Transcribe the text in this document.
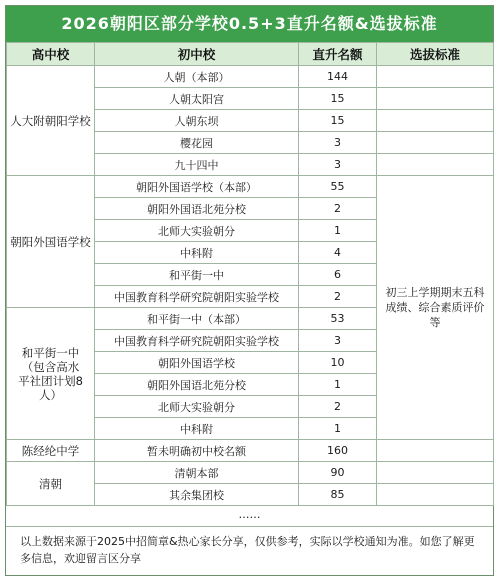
2026朝阳区部分学校0.5+3直升名额&选拔标准
高中校	初中校	直升名额	选拔标准
人大附朝阳学校	人朝（本部）	144	
	人朝太阳宫	15	
	人朝东坝	15	
	樱花园	3	
	九十四中	3	
朝阳外国语学校	朝阳外国语学校（本部）	55	初三上学期期末五科成绩、综合素质评价等
	朝阳外国语北苑分校	2	
	北师大实验朝分	1	
	中科附	4	
	和平街一中	6	
	中国教育科学研究院朝阳实验学校	2	
和平街一中（包含高水平社团计划8人）	和平街一中（本部）	53	
	中国教育科学研究院朝阳实验学校	3	
	朝阳外国语学校	10	
	朝阳外国语北苑分校	1	
	北师大实验朝分	2	
	中科附	1	
陈经纶中学	暂未明确初中校名额	160	
清朝	清朝本部	90	
	其余集团校	85	
……
以上数据来源于2025中招简章&热心家长分享，仅供参考，实际以学校通知为准。如您了解更多信息，欢迎留言区分享
